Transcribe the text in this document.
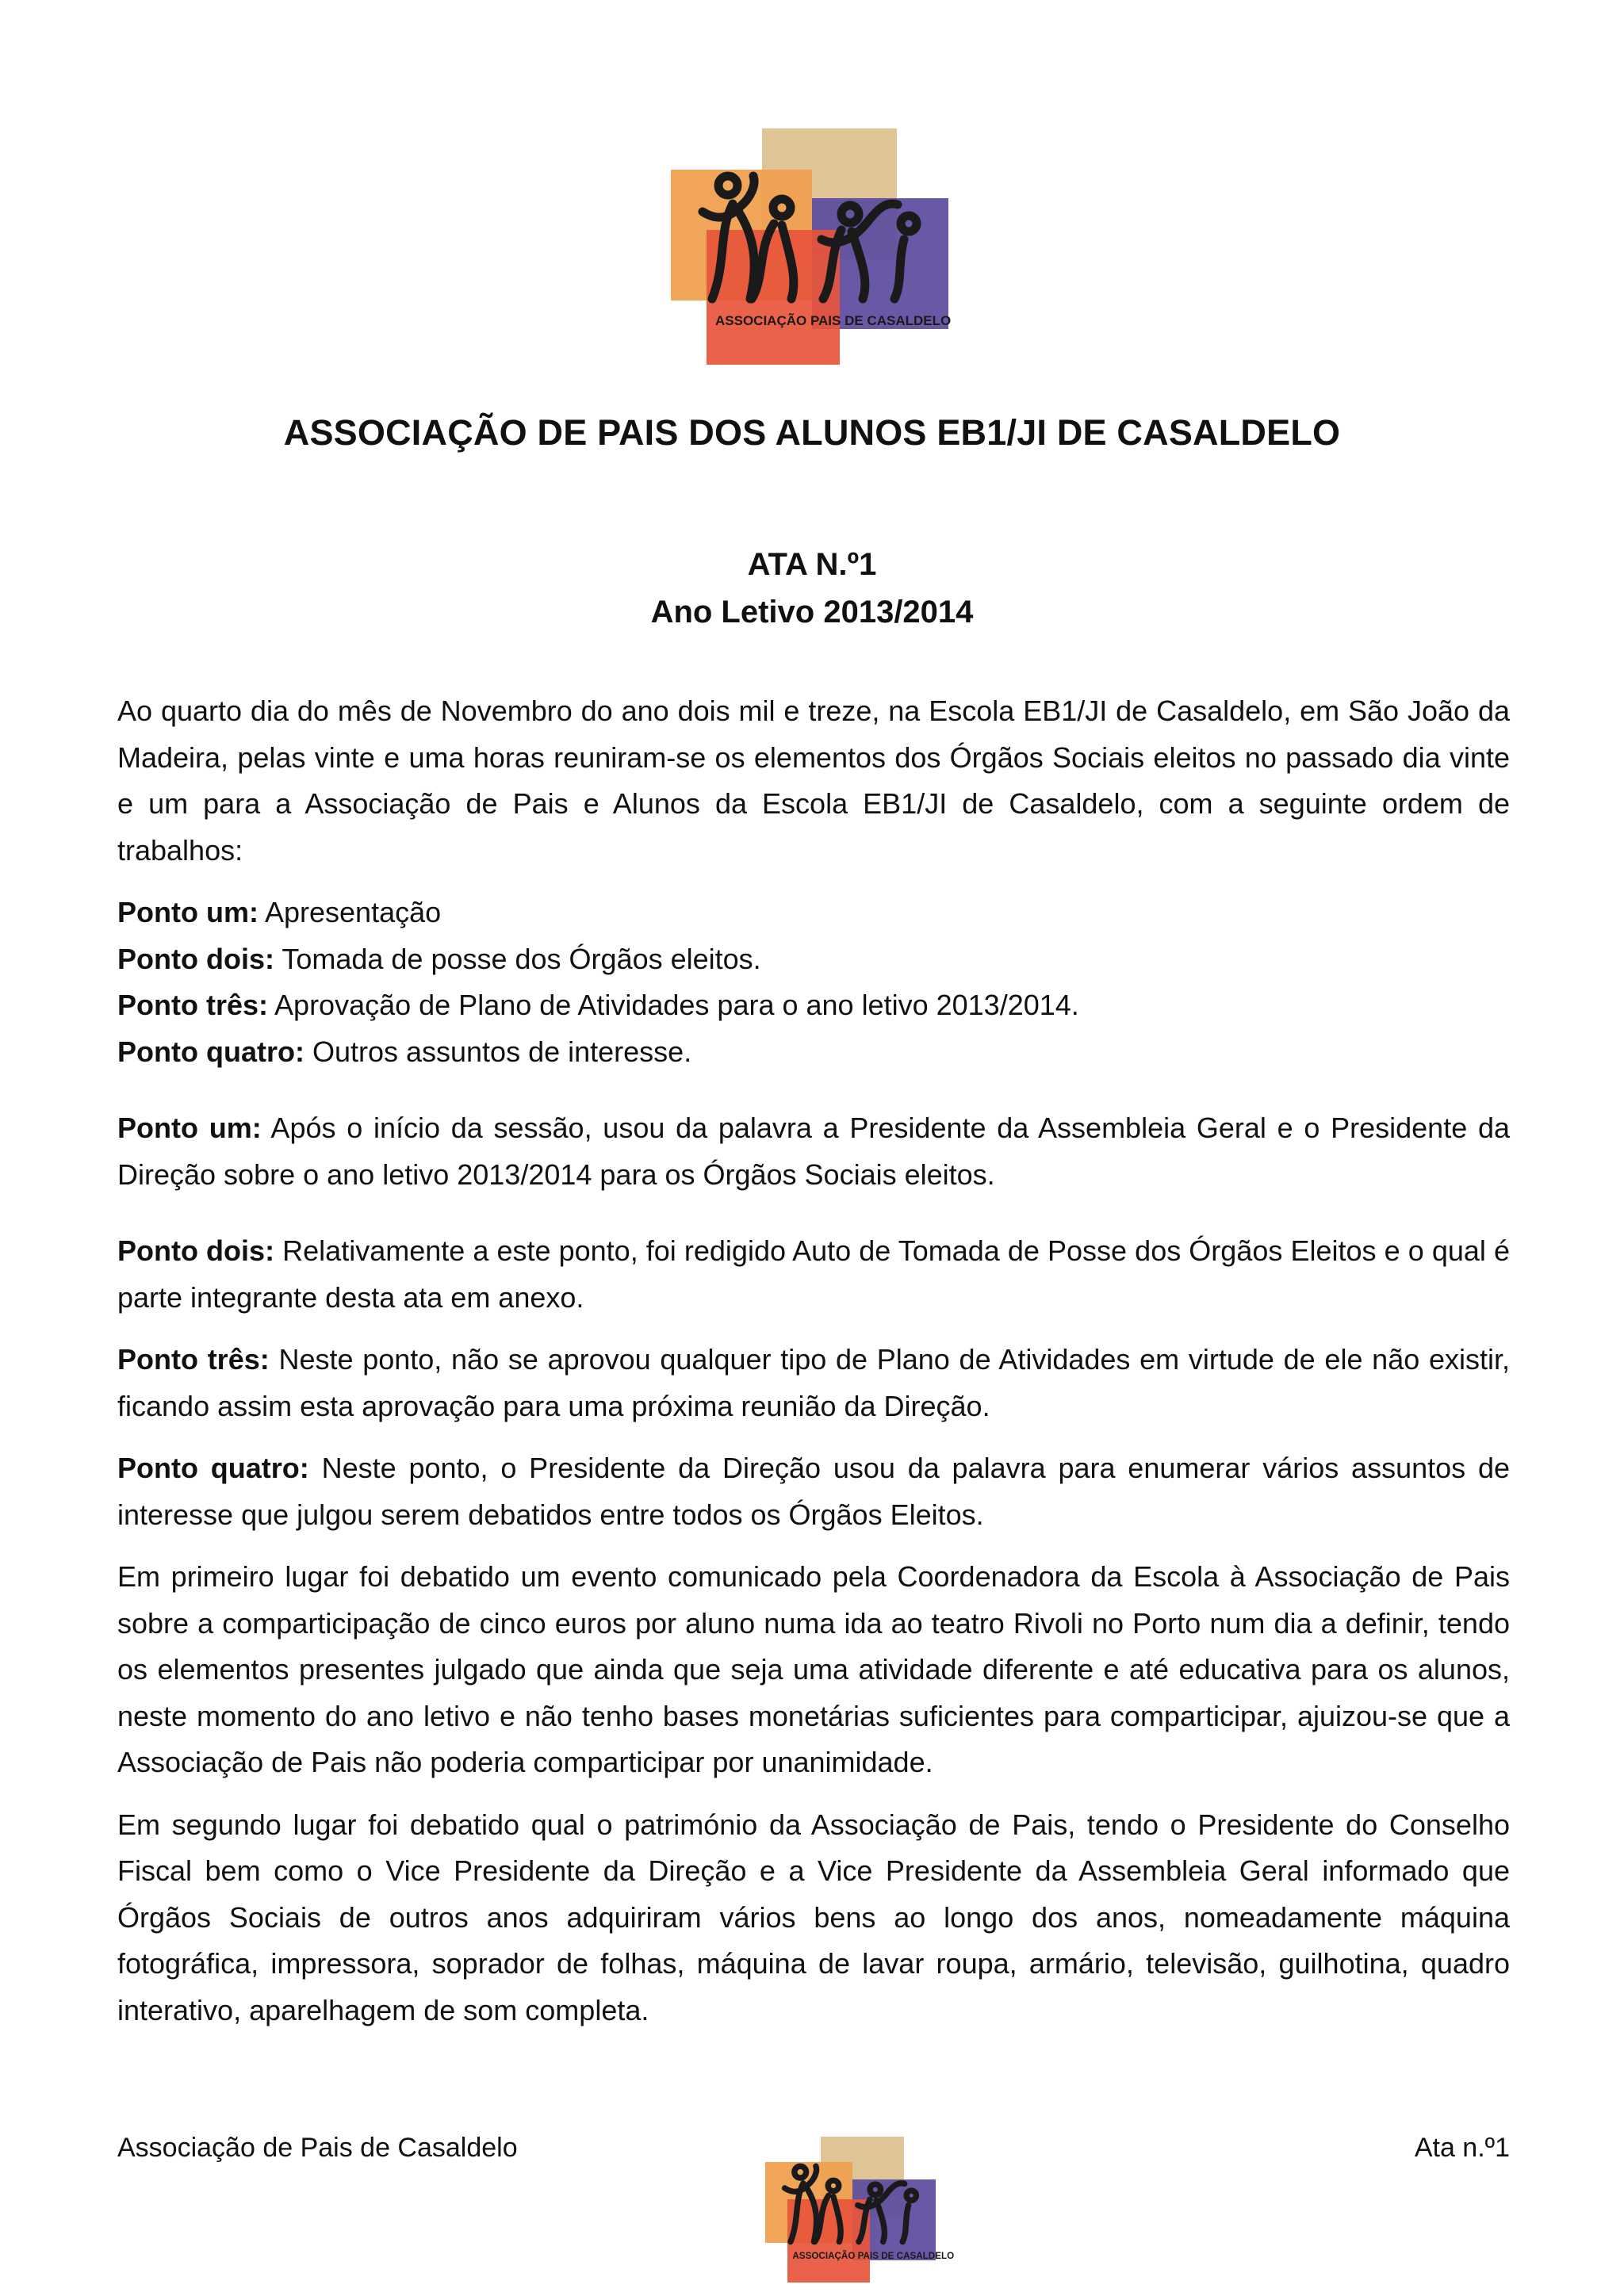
ASSOCIAÇÃO PAIS DE CASALDELO
ASSOCIAÇÃO DE PAIS DOS ALUNOS EB1/JI DE CASALDELO
ATA N.º1
Ano Letivo 2013/2014

Ao quarto dia do mês de Novembro do ano dois mil e treze, na Escola EB1/JI de Casaldelo, em São João da Madeira, pelas vinte e uma horas reuniram-se os elementos dos Órgãos Sociais eleitos no passado dia vinte e um para a Associação de Pais e Alunos da Escola EB1/JI de Casaldelo, com a seguinte ordem de trabalhos:

Ponto um: Apresentação

Ponto dois: Tomada de posse dos Órgãos eleitos.

Ponto três: Aprovação de Plano de Atividades para o ano letivo 2013/2014.

Ponto quatro: Outros assuntos de interesse.

Ponto um: Após o início da sessão, usou da palavra a Presidente da Assembleia Geral e o Presidente da Direção sobre o ano letivo 2013/2014 para os Órgãos Sociais eleitos.

Ponto dois: Relativamente a este ponto, foi redigido Auto de Tomada de Posse dos Órgãos Eleitos e o qual é parte integrante desta ata em anexo.

Ponto três: Neste ponto, não se aprovou qualquer tipo de Plano de Atividades em virtude de ele não existir, ficando assim esta aprovação para uma próxima reunião da Direção.

Ponto quatro: Neste ponto, o Presidente da Direção usou da palavra para enumerar vários assuntos de interesse que julgou serem debatidos entre todos os Órgãos Eleitos.

Em primeiro lugar foi debatido um evento comunicado pela Coordenadora da Escola à Associação de Pais sobre a comparticipação de cinco euros por aluno numa ida ao teatro Rivoli no Porto num dia a definir, tendo os elementos presentes julgado que ainda que seja uma atividade diferente e até educativa para os alunos, neste momento do ano letivo e não tenho bases monetárias suficientes para comparticipar, ajuizou-se que a Associação de Pais não poderia comparticipar por unanimidade.

Em segundo lugar foi debatido qual o património da Associação de Pais, tendo o Presidente do Conselho Fiscal bem como o Vice Presidente da Direção e a Vice Presidente da Assembleia Geral informado que Órgãos Sociais de outros anos adquiriram vários bens ao longo dos anos, nomeadamente máquina fotográfica, impressora, soprador de folhas, máquina de lavar roupa, armário, televisão, guilhotina, quadro interativo, aparelhagem de som completa.

Associação de Pais de Casaldelo
ASSOCIAÇÃO PAIS DE CASALDELO
Ata n.º1
